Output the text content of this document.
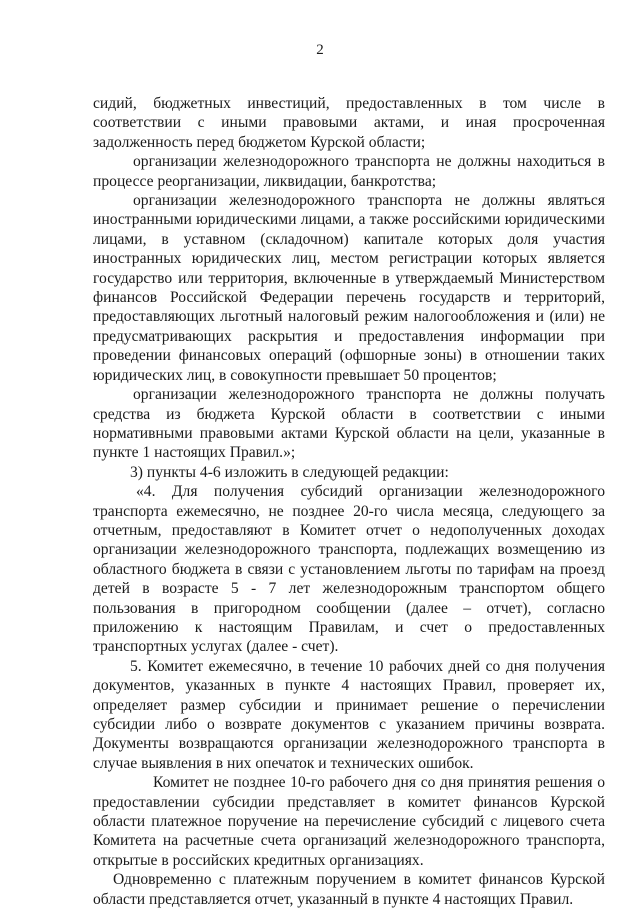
2

сидий, бюджетных инвестиций, предоставленных в том числе в соответствии с иными правовыми актами, и иная просроченная задолженность перед бюджетом Курской области;

организации железнодорожного транспорта не должны находиться в процессе реорганизации, ликвидации, банкротства;

организации железнодорожного транспорта не должны являться иностранными юридическими лицами, а также российскими юридическими лицами, в уставном (складочном) капитале которых доля участия иностранных юридических лиц, местом регистрации которых является государство или территория, включенные в утверждаемый Министерством финансов Российской Федерации перечень государств и территорий, предоставляющих льготный налоговый режим налогообложения и (или) не предусматривающих раскрытия и предоставления информации при проведении финансовых операций (офшорные зоны) в отношении таких юридических лиц, в совокупности превышает 50 процентов;

организации железнодорожного транспорта не должны получать средства из бюджета Курской области в соответствии с иными нормативными правовыми актами Курской области на цели, указанные в пункте 1 настоящих Правил.»;

3) пункты 4-6 изложить в следующей редакции:

«4. Для получения субсидий организации железнодорожного транспорта ежемесячно, не позднее 20-го числа месяца, следующего за отчетным, предоставляют в Комитет отчет о недополученных доходах организации железнодорожного транспорта, подлежащих возмещению из областного бюджета в связи с установлением льготы по тарифам на проезд детей в возрасте 5 - 7 лет железнодорожным транспортом общего пользования в пригородном сообщении (далее – отчет), согласно приложению к настоящим Правилам, и счет о предоставленных транспортных услугах (далее - счет).

5. Комитет ежемесячно, в течение 10 рабочих дней со дня получения документов, указанных в пункте 4 настоящих Правил, проверяет их, определяет размер субсидии и принимает решение о перечислении субсидии либо о возврате документов с указанием причины возврата. Документы возвращаются организации железнодорожного транспорта в случае выявления в них опечаток и технических ошибок.

Комитет не позднее 10-го рабочего дня со дня принятия решения о предоставлении субсидии представляет в комитет финансов Курской области платежное поручение на перечисление субсидий с лицевого счета Комитета на расчетные счета организаций железнодорожного транспорта, открытые в российских кредитных организациях.

Одновременно с платежным поручением в комитет финансов Курской области представляется отчет, указанный в пункте 4 настоящих Правил.
